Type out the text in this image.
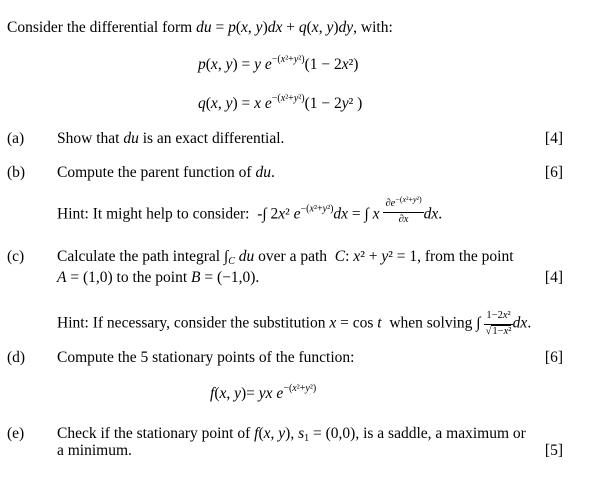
Consider the differential form du = p(x, y)dx + q(x, y)dy, with:
p(x, y) = y $e^{-(x^2+y^2)}(1 - 2x^2)$
q(x, y) = x $e^{-(x^2+y^2)}(1 - 2y^2$ )
(a) Show that du is an exact differential.	[4]
(b) Compute the parent function of du.	[6]
Hint: It might help to consider:  -∫ 2x² $e^{-(x^2+y^2)}dx$ = ∫ x $\frac{\partial e^{-(x^2+y^2)}}{\partial x}$ dx.
(c) Calculate the path integral $\int_C$ du over a path  C: x² + y² = 1, from the point
A = (1,0) to the point B = (−1,0).	[4]
Hint: If necessary, consider the substitution x = cos t when solving ∫ $\frac{\text{1−2x²}}{\text{√1−x²}}$ dx.
(d) Compute the 5 stationary points of the function:	[6]
f(x, y)= yx $e^{-(x^2+y^2)}$
(e) Check if the stationary point of f(x, y), $s_1 = (0,0)$, is a saddle, a maximum or
a minimum.	[5]
